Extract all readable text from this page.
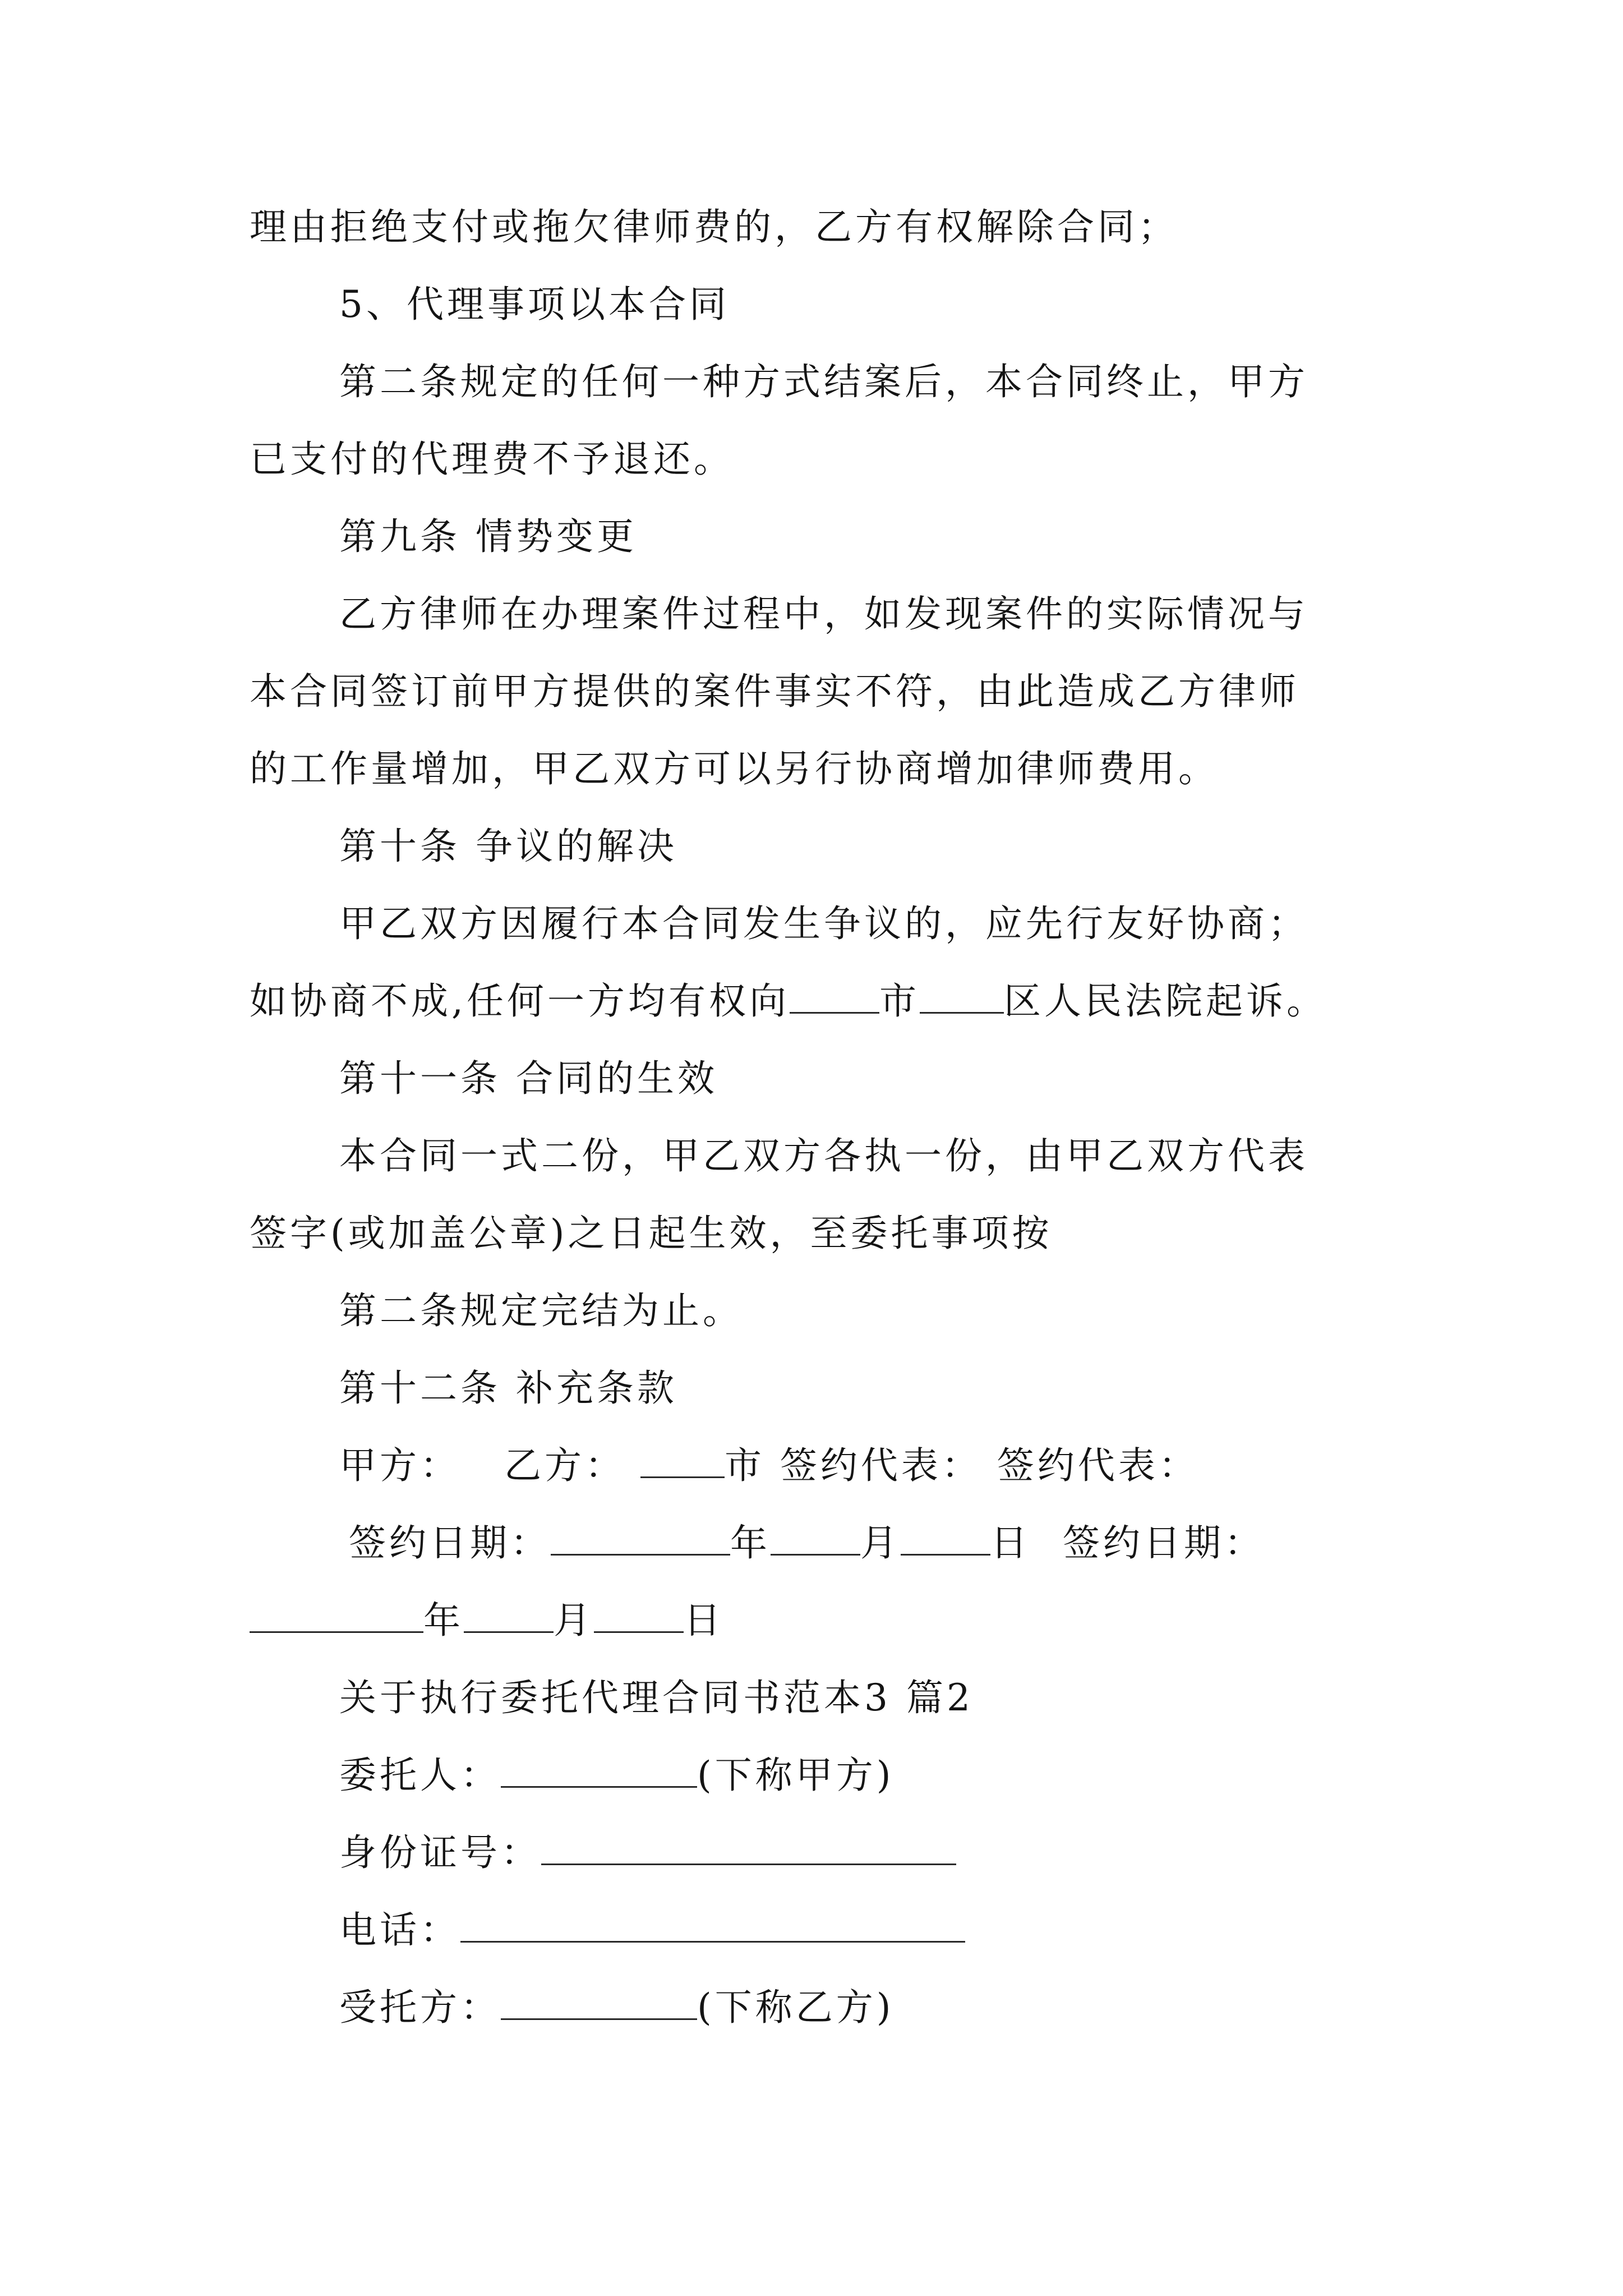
理由拒绝支付或拖欠律师费的，乙方有权解除合同；
5、代理事项以本合同
第二条规定的任何一种方式结案后，本合同终止，甲方
已支付的代理费不予退还。
第九条 情势变更
乙方律师在办理案件过程中，如发现案件的实际情况与
本合同签订前甲方提供的案件事实不符，由此造成乙方律师
的工作量增加，甲乙双方可以另行协商增加律师费用。
第十条 争议的解决
甲乙双方因履行本合同发生争议的，应先行友好协商；
如协商不成,任何一方均有权向 市 区人民法院起诉。
第十一条 合同的生效
本合同一式二份，甲乙双方各执一份，由甲乙双方代表
签字(或加盖公章)之日起生效，至委托事项按
第二条规定完结为止。
第十二条 补充条款
甲方： 乙方：	市 签约代表： 签约代表：
签约日期：	年 月 日 签约日期：
年 月 日
关于执行委托代理合同书范本3 篇2
委托人：	(下称甲方)
身份证号：
电话：
受托方：	(下称乙方)
